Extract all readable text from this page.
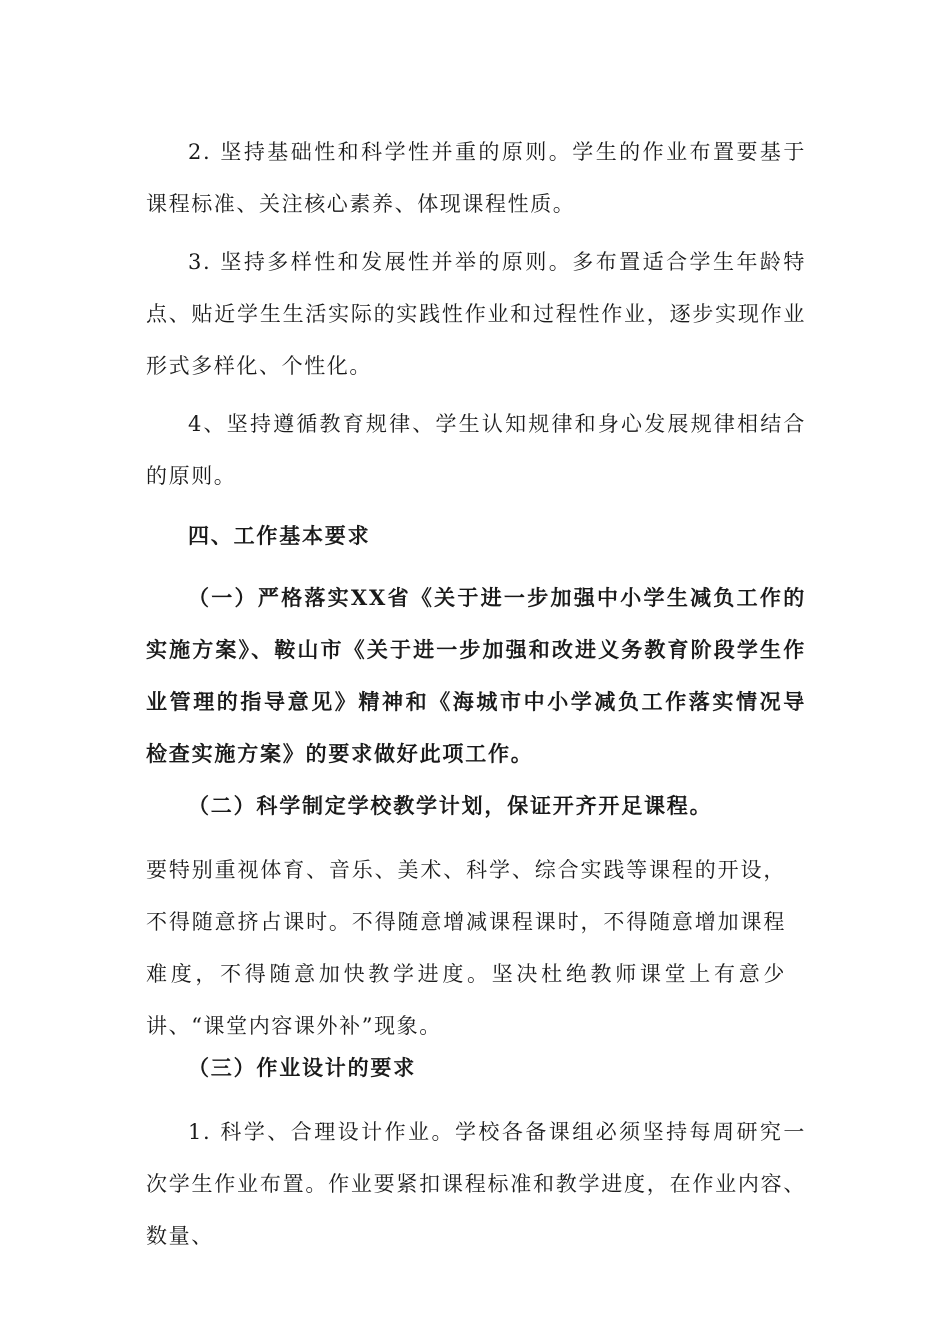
2. 坚持基础性和科学性并重的原则。学生的作业布置要基于课程标准、关注核心素养、体现课程性质。

3. 坚持多样性和发展性并举的原则。多布置适合学生年龄特点、贴近学生生活实际的实践性作业和过程性作业，逐步实现作业形式多样化、个性化。

4、坚持遵循教育规律、学生认知规律和身心发展规律相结合的原则。

四、工作基本要求

（一）严格落实XX省《关于进一步加强中小学生减负工作的实施方案》、鞍山市《关于进一步加强和改进义务教育阶段学生作业管理的指导意见》精神和《海城市中小学减负工作落实情况导检查实施方案》的要求做好此项工作。

（二）科学制定学校教学计划，保证开齐开足课程。

要特别重视体育、音乐、美术、科学、综合实践等课程的开设，不得随意挤占课时。不得随意增减课程课时，不得随意增加课程难度，不得随意加快教学进度。坚决杜绝教师课堂上有意少讲、“课堂内容课外补”现象。

（三）作业设计的要求

1. 科学、合理设计作业。学校各备课组必须坚持每周研究一次学生作业布置。作业要紧扣课程标准和教学进度，在作业内容、数量、
